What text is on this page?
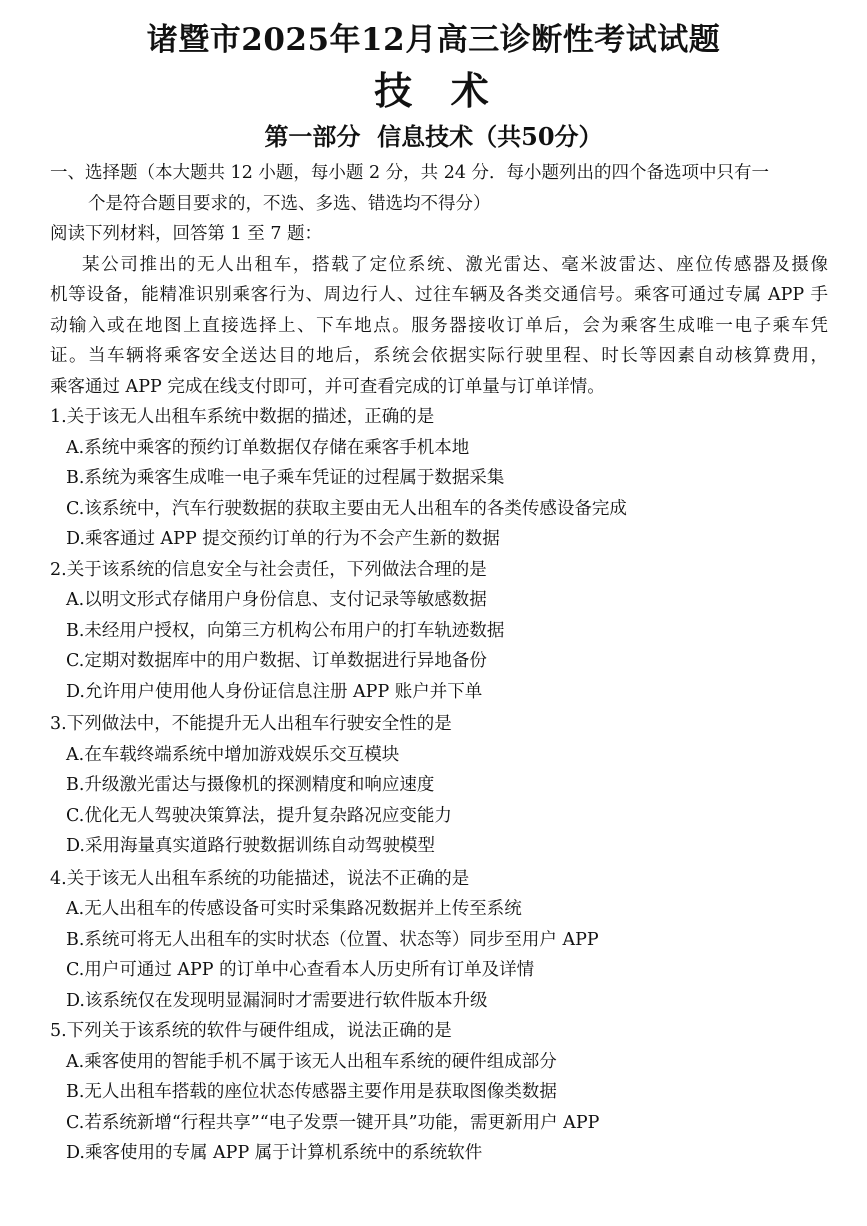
诸暨市2025年12月高三诊断性考试试题
技  术
第一部分  信息技术（共50分）
一、选择题（本大题共 12 小题，每小题 2 分，共 24 分．每小题列出的四个备选项中只有一
个是符合题目要求的，不选、多选、错选均不得分）
阅读下列材料，回答第 1 至 7 题：
某公司推出的无人出租车，搭载了定位系统、激光雷达、毫米波雷达、座位传感器及摄像
机等设备，能精准识别乘客行为、周边行人、过往车辆及各类交通信号。乘客可通过专属 APP 手
动输入或在地图上直接选择上、下车地点。服务器接收订单后，会为乘客生成唯一电子乘车凭
证。当车辆将乘客安全送达目的地后，系统会依据实际行驶里程、时长等因素自动核算费用，
乘客通过 APP 完成在线支付即可，并可查看完成的订单量与订单详情。
1.关于该无人出租车系统中数据的描述，正确的是
A.系统中乘客的预约订单数据仅存储在乘客手机本地
B.系统为乘客生成唯一电子乘车凭证的过程属于数据采集
C.该系统中，汽车行驶数据的获取主要由无人出租车的各类传感设备完成
D.乘客通过 APP 提交预约订单的行为不会产生新的数据
2.关于该系统的信息安全与社会责任，下列做法合理的是
A.以明文形式存储用户身份信息、支付记录等敏感数据
B.未经用户授权，向第三方机构公布用户的打车轨迹数据
C.定期对数据库中的用户数据、订单数据进行异地备份
D.允许用户使用他人身份证信息注册 APP 账户并下单
3.下列做法中，不能提升无人出租车行驶安全性的是
A.在车载终端系统中增加游戏娱乐交互模块
B.升级激光雷达与摄像机的探测精度和响应速度
C.优化无人驾驶决策算法，提升复杂路况应变能力
D.采用海量真实道路行驶数据训练自动驾驶模型
4.关于该无人出租车系统的功能描述，说法不正确的是
A.无人出租车的传感设备可实时采集路况数据并上传至系统
B.系统可将无人出租车的实时状态（位置、状态等）同步至用户 APP
C.用户可通过 APP 的订单中心查看本人历史所有订单及详情
D.该系统仅在发现明显漏洞时才需要进行软件版本升级
5.下列关于该系统的软件与硬件组成，说法正确的是
A.乘客使用的智能手机不属于该无人出租车系统的硬件组成部分
B.无人出租车搭载的座位状态传感器主要作用是获取图像类数据
C.若系统新增“行程共享”“电子发票一键开具”功能，需更新用户 APP
D.乘客使用的专属 APP 属于计算机系统中的系统软件
